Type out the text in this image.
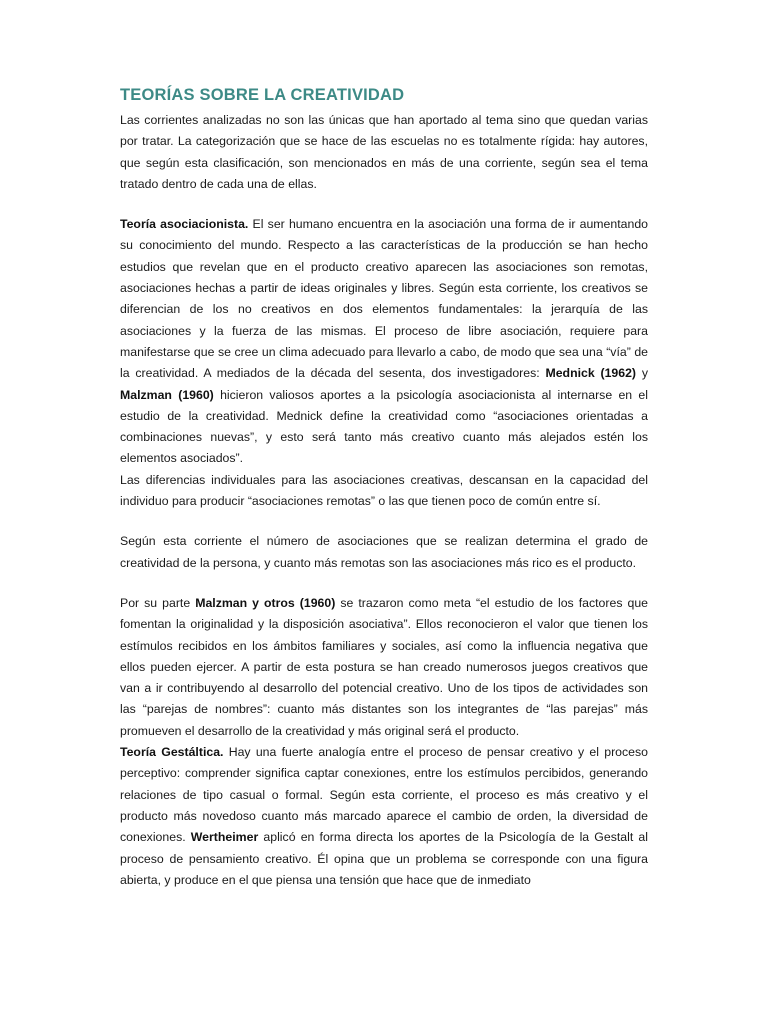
TEORÍAS SOBRE LA CREATIVIDAD

Las corrientes analizadas no son las únicas que han aportado al tema sino que quedan varias por tratar. La categorización que se hace de las escuelas no es totalmente rígida: hay autores, que según esta clasificación, son mencionados en más de una corriente, según sea el tema tratado dentro de cada una de ellas.

Teoría asociacionista. El ser humano encuentra en la asociación una forma de ir aumentando su conocimiento del mundo. Respecto a las características de la producción se han hecho estudios que revelan que en el producto creativo aparecen las asociaciones son remotas, asociaciones hechas a partir de ideas originales y libres. Según esta corriente, los creativos se diferencian de los no creativos en dos elementos fundamentales: la jerarquía de las asociaciones y la fuerza de las mismas. El proceso de libre asociación, requiere para manifestarse que se cree un clima adecuado para llevarlo a cabo, de modo que sea una “vía” de la creatividad. A mediados de la década del sesenta, dos investigadores: Mednick (1962) y Malzman (1960) hicieron valiosos aportes a la psicología asociacionista al internarse en el estudio de la creatividad. Mednick define la creatividad como “asociaciones orientadas a combinaciones nuevas”, y esto será tanto más creativo cuanto más alejados estén los elementos asociados”.

Las diferencias individuales para las asociaciones creativas, descansan en la capacidad del individuo para producir “asociaciones remotas” o las que tienen poco de común entre sí.

Según esta corriente el número de asociaciones que se realizan determina el grado de creatividad de la persona, y cuanto más remotas son las asociaciones más rico es el producto.

Por su parte Malzman y otros (1960) se trazaron como meta “el estudio de los factores que fomentan la originalidad y la disposición asociativa”. Ellos reconocieron el valor que tienen los estímulos recibidos en los ámbitos familiares y sociales, así como la influencia negativa que ellos pueden ejercer. A partir de esta postura se han creado numerosos juegos creativos que van a ir contribuyendo al desarrollo del potencial creativo. Uno de los tipos de actividades son las “parejas de nombres”: cuanto más distantes son los integrantes de “las parejas” más promueven el desarrollo de la creatividad y más original será el producto.

Teoría Gestáltica. Hay una fuerte analogía entre el proceso de pensar creativo y el proceso perceptivo: comprender significa captar conexiones, entre los estímulos percibidos, generando relaciones de tipo casual o formal. Según esta corriente, el proceso es más creativo y el producto más novedoso cuanto más marcado aparece el cambio de orden, la diversidad de conexiones. Wertheimer aplicó en forma directa los aportes de la Psicología de la Gestalt al proceso de pensamiento creativo. Él opina que un problema se corresponde con una figura abierta, y produce en el que piensa una tensión que hace que de inmediato
